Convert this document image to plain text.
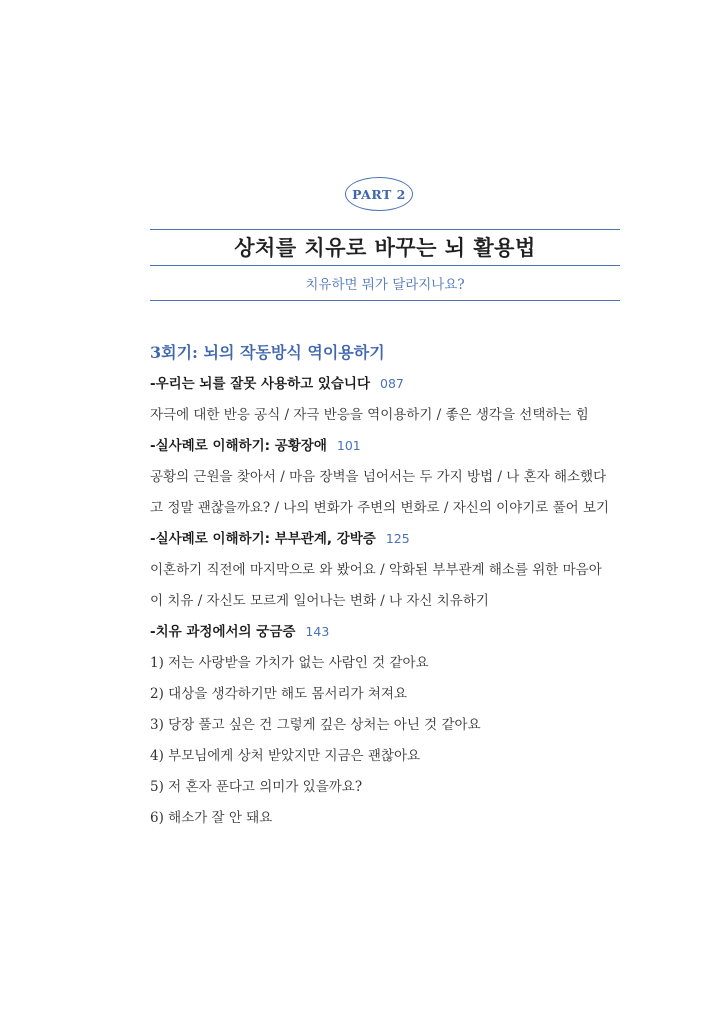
PART 2
상처를 치유로 바꾸는 뇌 활용법
치유하면 뭐가 달라지나요?
3회기: 뇌의 작동방식 역이용하기
-우리는 뇌를 잘못 사용하고 있습니다 087
자극에 대한 반응 공식 / 자극 반응을 역이용하기 / 좋은 생각을 선택하는 힘
-실사례로 이해하기: 공황장애 101
공황의 근원을 찾아서 / 마음 장벽을 넘어서는 두 가지 방법 / 나 혼자 해소했다
고 정말 괜찮을까요? / 나의 변화가 주변의 변화로 / 자신의 이야기로 풀어 보기
-실사례로 이해하기: 부부관계, 강박증 125
이혼하기 직전에 마지막으로 와 봤어요 / 악화된 부부관계 해소를 위한 마음아
이 치유 / 자신도 모르게 일어나는 변화 / 나 자신 치유하기
-치유 과정에서의 궁금증 143
1) 저는 사랑받을 가치가 없는 사람인 것 같아요
2) 대상을 생각하기만 해도 몸서리가 쳐져요
3) 당장 풀고 싶은 건 그렇게 깊은 상처는 아닌 것 같아요
4) 부모님에게 상처 받았지만 지금은 괜찮아요
5) 저 혼자 푼다고 의미가 있을까요?
6) 해소가 잘 안 돼요
